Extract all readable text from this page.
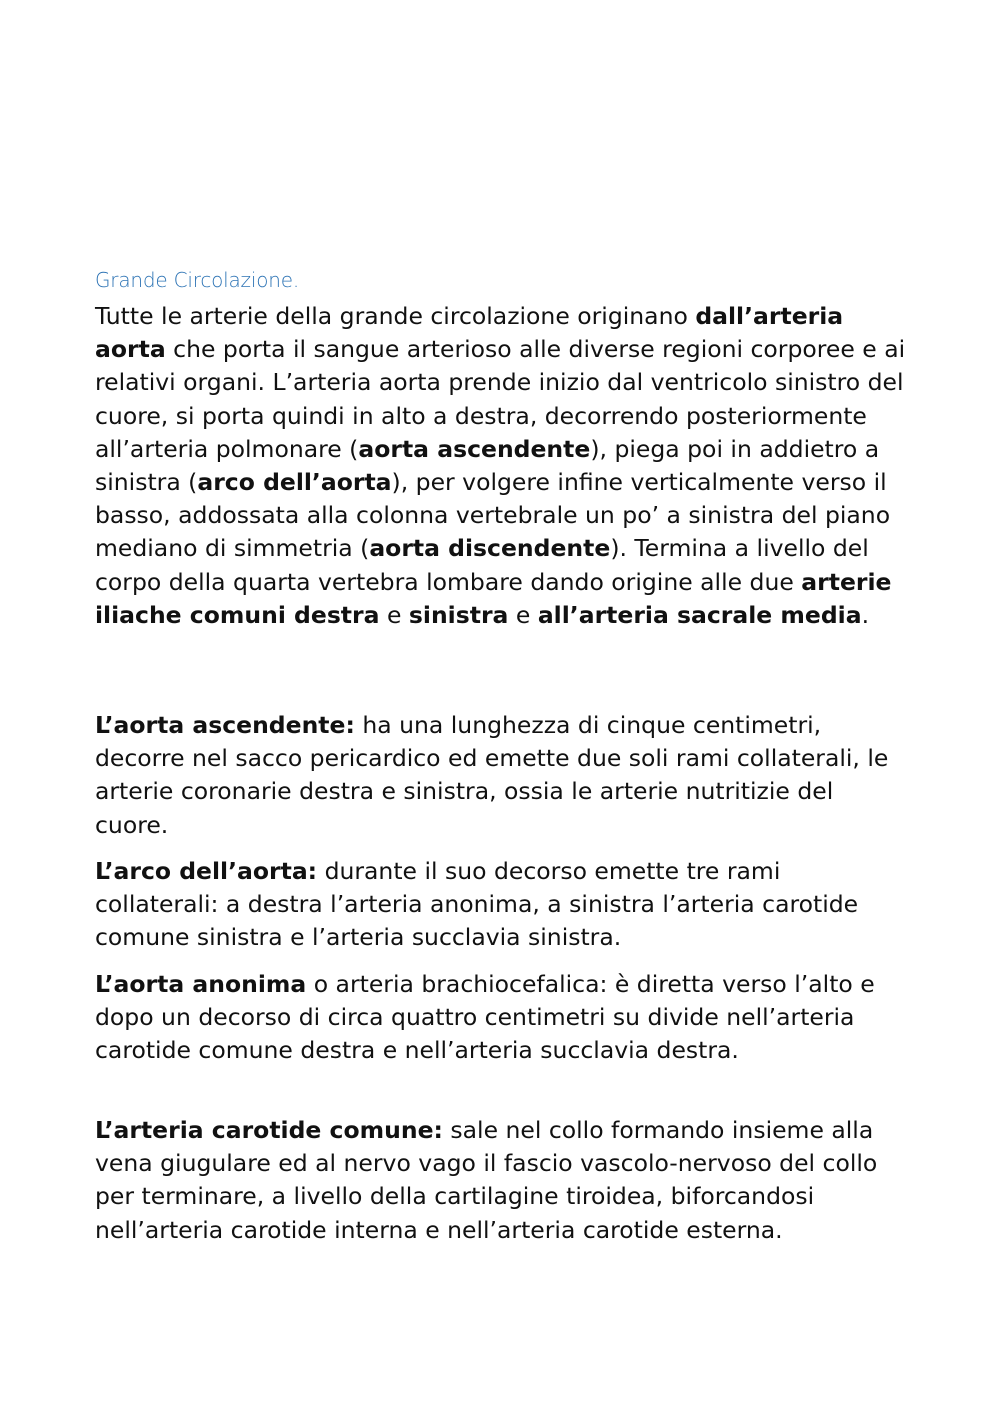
Grande Circolazione.

Tutte le arterie della grande circolazione originano dall’arteria aorta che porta il sangue arterioso alle diverse regioni corporee e ai relativi organi. L’arteria aorta prende inizio dal ventricolo sinistro del cuore, si porta quindi in alto a destra, decorrendo posteriormente all’arteria polmonare (aorta ascendente), piega poi in addietro a sinistra (arco dell’aorta), per volgere infine verticalmente verso il basso, addossata alla colonna vertebrale un po’ a sinistra del piano mediano di simmetria (aorta discendente). Termina a livello del corpo della quarta vertebra lombare dando origine alle due arterie iliache comuni destra e sinistra e all’arteria sacrale media.

L’aorta ascendente: ha una lunghezza di cinque centimetri, decorre nel sacco pericardico ed emette due soli rami collaterali, le arterie coronarie destra e sinistra, ossia le arterie nutritizie del cuore.

L’arco dell’aorta: durante il suo decorso emette tre rami collaterali: a destra l’arteria anonima, a sinistra l’arteria carotide comune sinistra e l’arteria succlavia sinistra.

L’aorta anonima o arteria brachiocefalica: è diretta verso l’alto e dopo un decorso di circa quattro centimetri su divide nell’arteria carotide comune destra e nell’arteria succlavia destra.

L’arteria carotide comune: sale nel collo formando insieme alla vena giugulare ed al nervo vago il fascio vascolo-nervoso del collo per terminare, a livello della cartilagine tiroidea, biforcandosi nell’arteria carotide interna e nell’arteria carotide esterna.
